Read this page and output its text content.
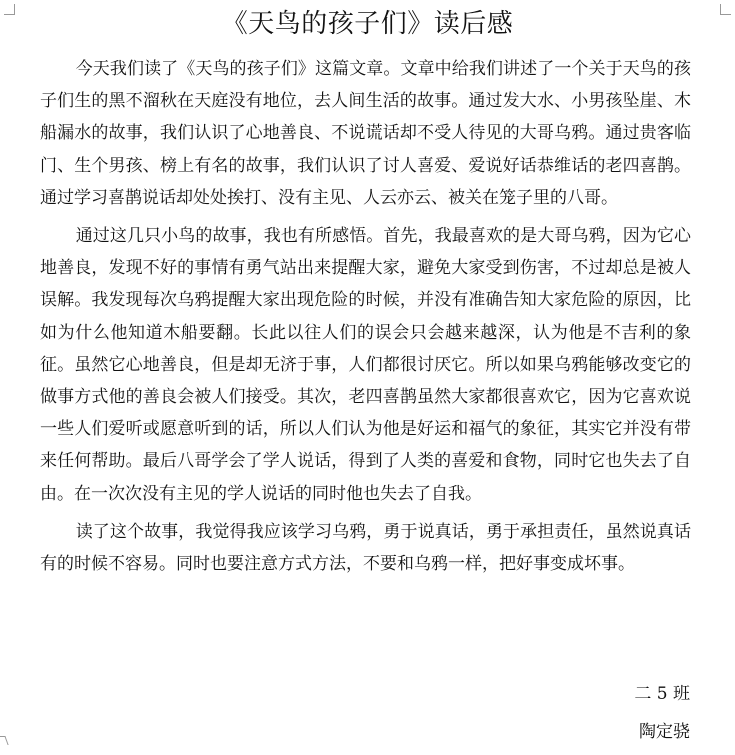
《天鸟的孩子们》读后感

今天我们读了《天鸟的孩子们》这篇文章。文章中给我们讲述了一个关于天鸟的孩子们生的黑不溜秋在天庭没有地位，去人间生活的故事。通过发大水、小男孩坠崖、木船漏水的故事，我们认识了心地善良、不说谎话却不受人待见的大哥乌鸦。通过贵客临门、生个男孩、榜上有名的故事，我们认识了讨人喜爱、爱说好话恭维话的老四喜鹊。通过学习喜鹊说话却处处挨打、没有主见、人云亦云、被关在笼子里的八哥。

通过这几只小鸟的故事，我也有所感悟。首先，我最喜欢的是大哥乌鸦，因为它心地善良，发现不好的事情有勇气站出来提醒大家，避免大家受到伤害，不过却总是被人误解。我发现每次乌鸦提醒大家出现危险的时候，并没有准确告知大家危险的原因，比如为什么他知道木船要翻。长此以往人们的误会只会越来越深，认为他是不吉利的象征。虽然它心地善良，但是却无济于事，人们都很讨厌它。所以如果乌鸦能够改变它的做事方式他的善良会被人们接受。其次，老四喜鹊虽然大家都很喜欢它，因为它喜欢说一些人们爱听或愿意听到的话，所以人们认为他是好运和福气的象征，其实它并没有带来任何帮助。最后八哥学会了学人说话，得到了人类的喜爱和食物，同时它也失去了自由。在一次次没有主见的学人说话的同时他也失去了自我。

读了这个故事，我觉得我应该学习乌鸦，勇于说真话，勇于承担责任，虽然说真话有的时候不容易。同时也要注意方式方法，不要和乌鸦一样，把好事变成坏事。

二 5 班
陶定骁
